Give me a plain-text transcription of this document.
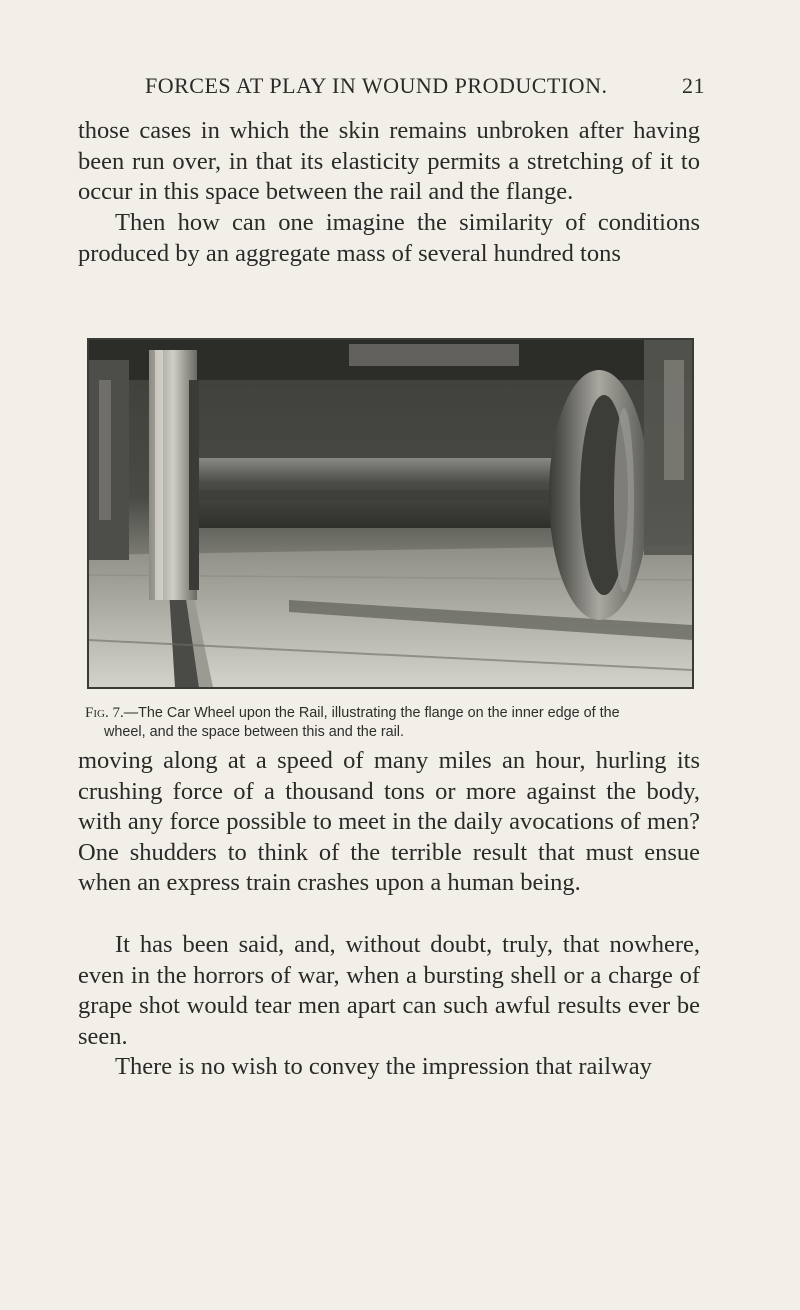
FORCES AT PLAY IN WOUND PRODUCTION.	21
those cases in which the skin remains unbroken after having been run over, in that its elasticity permits a stretching of it to occur in this space between the rail and the flange.
Then how can one imagine the similarity of conditions produced by an aggregate mass of several hundred tons
Fig. 7.—The Car Wheel upon the Rail, illustrating the flange on the inner edge of the
wheel, and the space between this and the rail.
moving along at a speed of many miles an hour, hurling its crushing force of a thousand tons or more against the body, with any force possible to meet in the daily avocations of men? One shudders to think of the terrible result that must ensue when an express train crashes upon a human being.
It has been said, and, without doubt, truly, that nowhere, even in the horrors of war, when a bursting shell or a charge of grape shot would tear men apart can such awful results ever be seen.
There is no wish to convey the impression that railway
